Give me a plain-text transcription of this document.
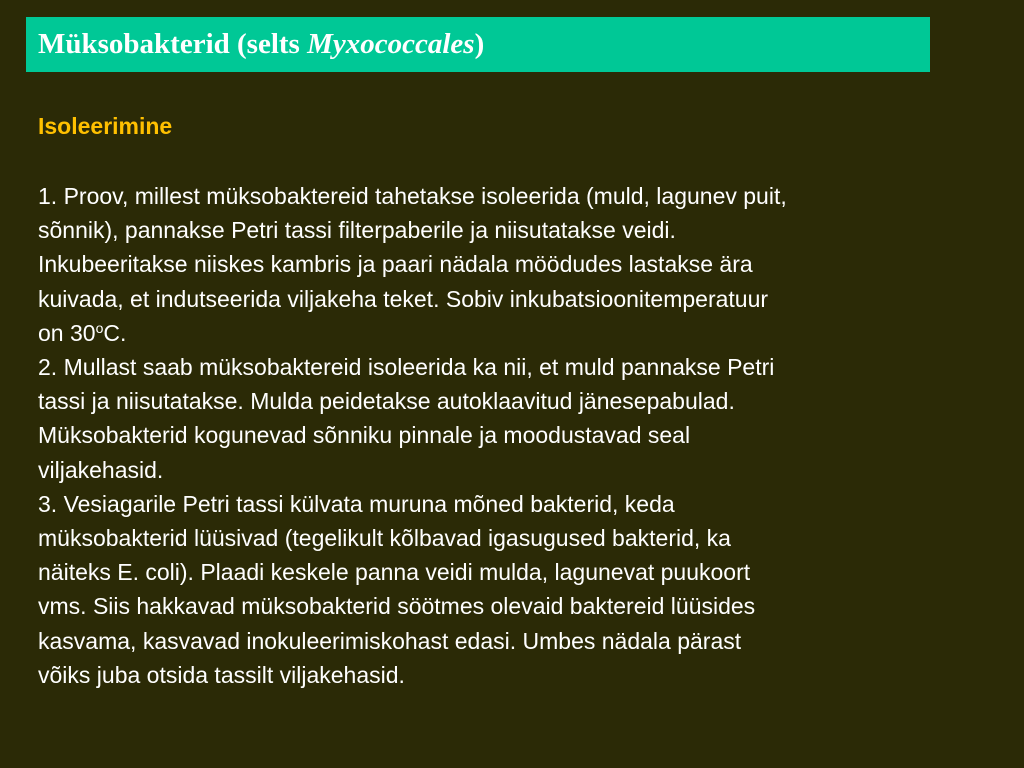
Müksobakterid (selts Myxococcales)
Isoleerimine
1. Proov, millest müksobaktereid tahetakse isoleerida (muld, lagunev puit,
sõnnik), pannakse Petri tassi filterpaberile ja niisutatakse veidi.
Inkubeeritakse niiskes kambris ja paari nädala möödudes lastakse ära
kuivada, et indutseerida viljakeha teket. Sobiv inkubatsioonitemperatuur
on 30$^o$C.
2. Mullast saab müksobaktereid isoleerida ka nii, et muld pannakse Petri
tassi ja niisutatakse. Mulda peidetakse autoklaavitud jänesepabulad.
Müksobakterid kogunevad sõnniku pinnale ja moodustavad seal
viljakehasid.
3. Vesiagarile Petri tassi külvata muruna mõned bakterid, keda
müksobakterid lüüsivad (tegelikult kõlbavad igasugused bakterid, ka
näiteks E. coli). Plaadi keskele panna veidi mulda, lagunevat puukoort
vms. Siis hakkavad müksobakterid söötmes olevaid baktereid lüüsides
kasvama, kasvavad inokuleerimiskohast edasi. Umbes nädala pärast
võiks juba otsida tassilt viljakehasid.
